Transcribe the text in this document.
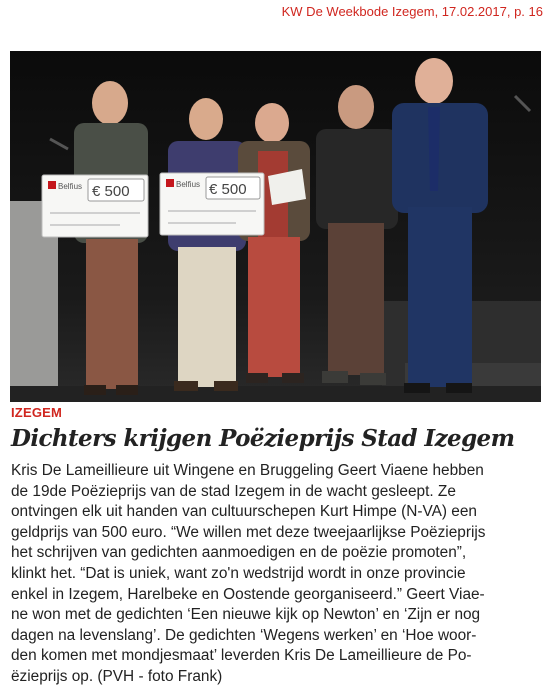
KW De Weekbode Izegem, 17.02.2017, p. 16
Belfius € 500	Belfius € 500
IZEGEM
Dichters krijgen Poëzieprijs Stad Izegem
Kris De Lameillieure uit Wingene en Bruggeling Geert Viaene hebben
de 19de Poëzieprijs van de stad Izegem in de wacht gesleept. Ze
ontvingen elk uit handen van cultuurschepen Kurt Himpe (N-VA) een
geldprijs van 500 euro. “We willen met deze tweejaarlijkse Poëzieprijs
het schrijven van gedichten aanmoedigen en de poëzie promoten”,
klinkt het. “Dat is uniek, want zo'n wedstrijd wordt in onze provincie
enkel in Izegem, Harelbeke en Oostende georganiseerd.” Geert Viae-
ne won met de gedichten ‘Een nieuwe kijk op Newton’ en ‘Zijn er nog
dagen na levenslang’. De gedichten ‘Wegens werken’ en ‘Hoe woor-
den komen met mondjesmaat’ leverden Kris De Lameillieure de Po-
ëzieprijs op. (PVH - foto Frank)
